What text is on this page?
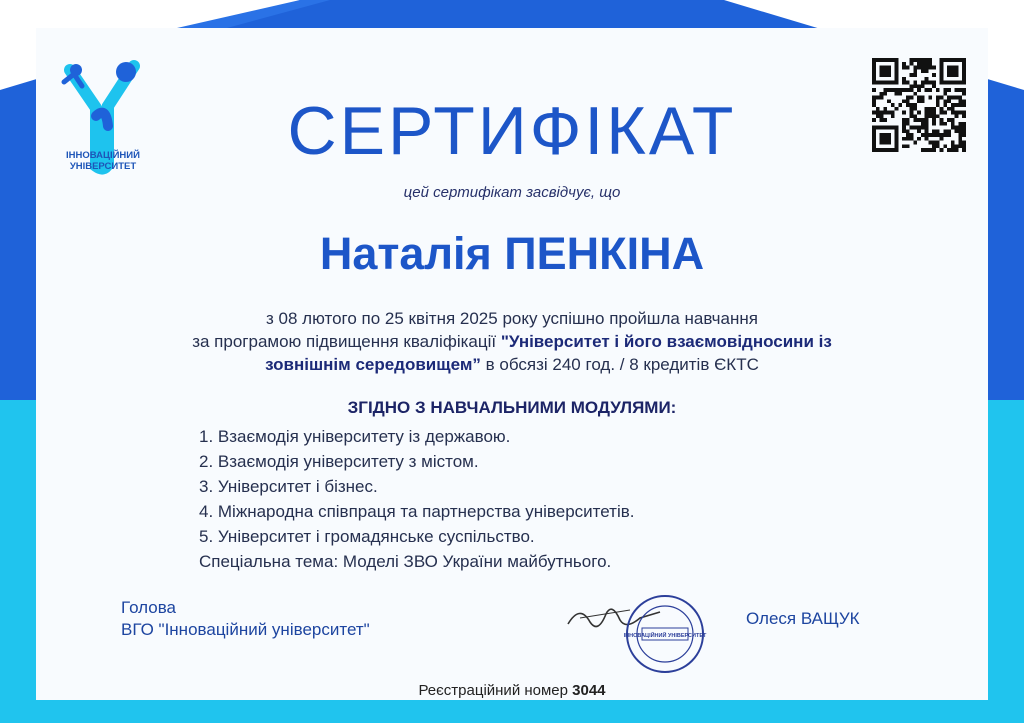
ІННОВАЦІЙНИЙ
УНІВЕРСИТЕТ	СЕРТИФІКАТ
цей сертифікат засвідчує, що
Наталія ПЕНКІНА
з 08 лютого по 25 квітня 2025 року успішно пройшла навчання
за програмою підвищення кваліфікації "Університет і його взаємовідносини із
зовнішнім середовищем” в обсязі 240 год. / 8 кредитів ЄКТС
ЗГІДНО З НАВЧАЛЬНИМИ МОДУЛЯМИ:
1. Взаємодія університету із державою.
2. Взаємодія університету з містом.
3. Університет і бізнес.
4. Міжнародна співпраця та партнерства університетів.
5. Університет і громадянське суспільство.
Спеціальна тема: Моделі ЗВО України майбутнього.
Голова
ВГО "Інноваційний університет"	ІННОВАЦІЙНИЙ УНІВЕРСИТЕТ
Олеся ВАЩУК
Реєстраційний номер 3044
